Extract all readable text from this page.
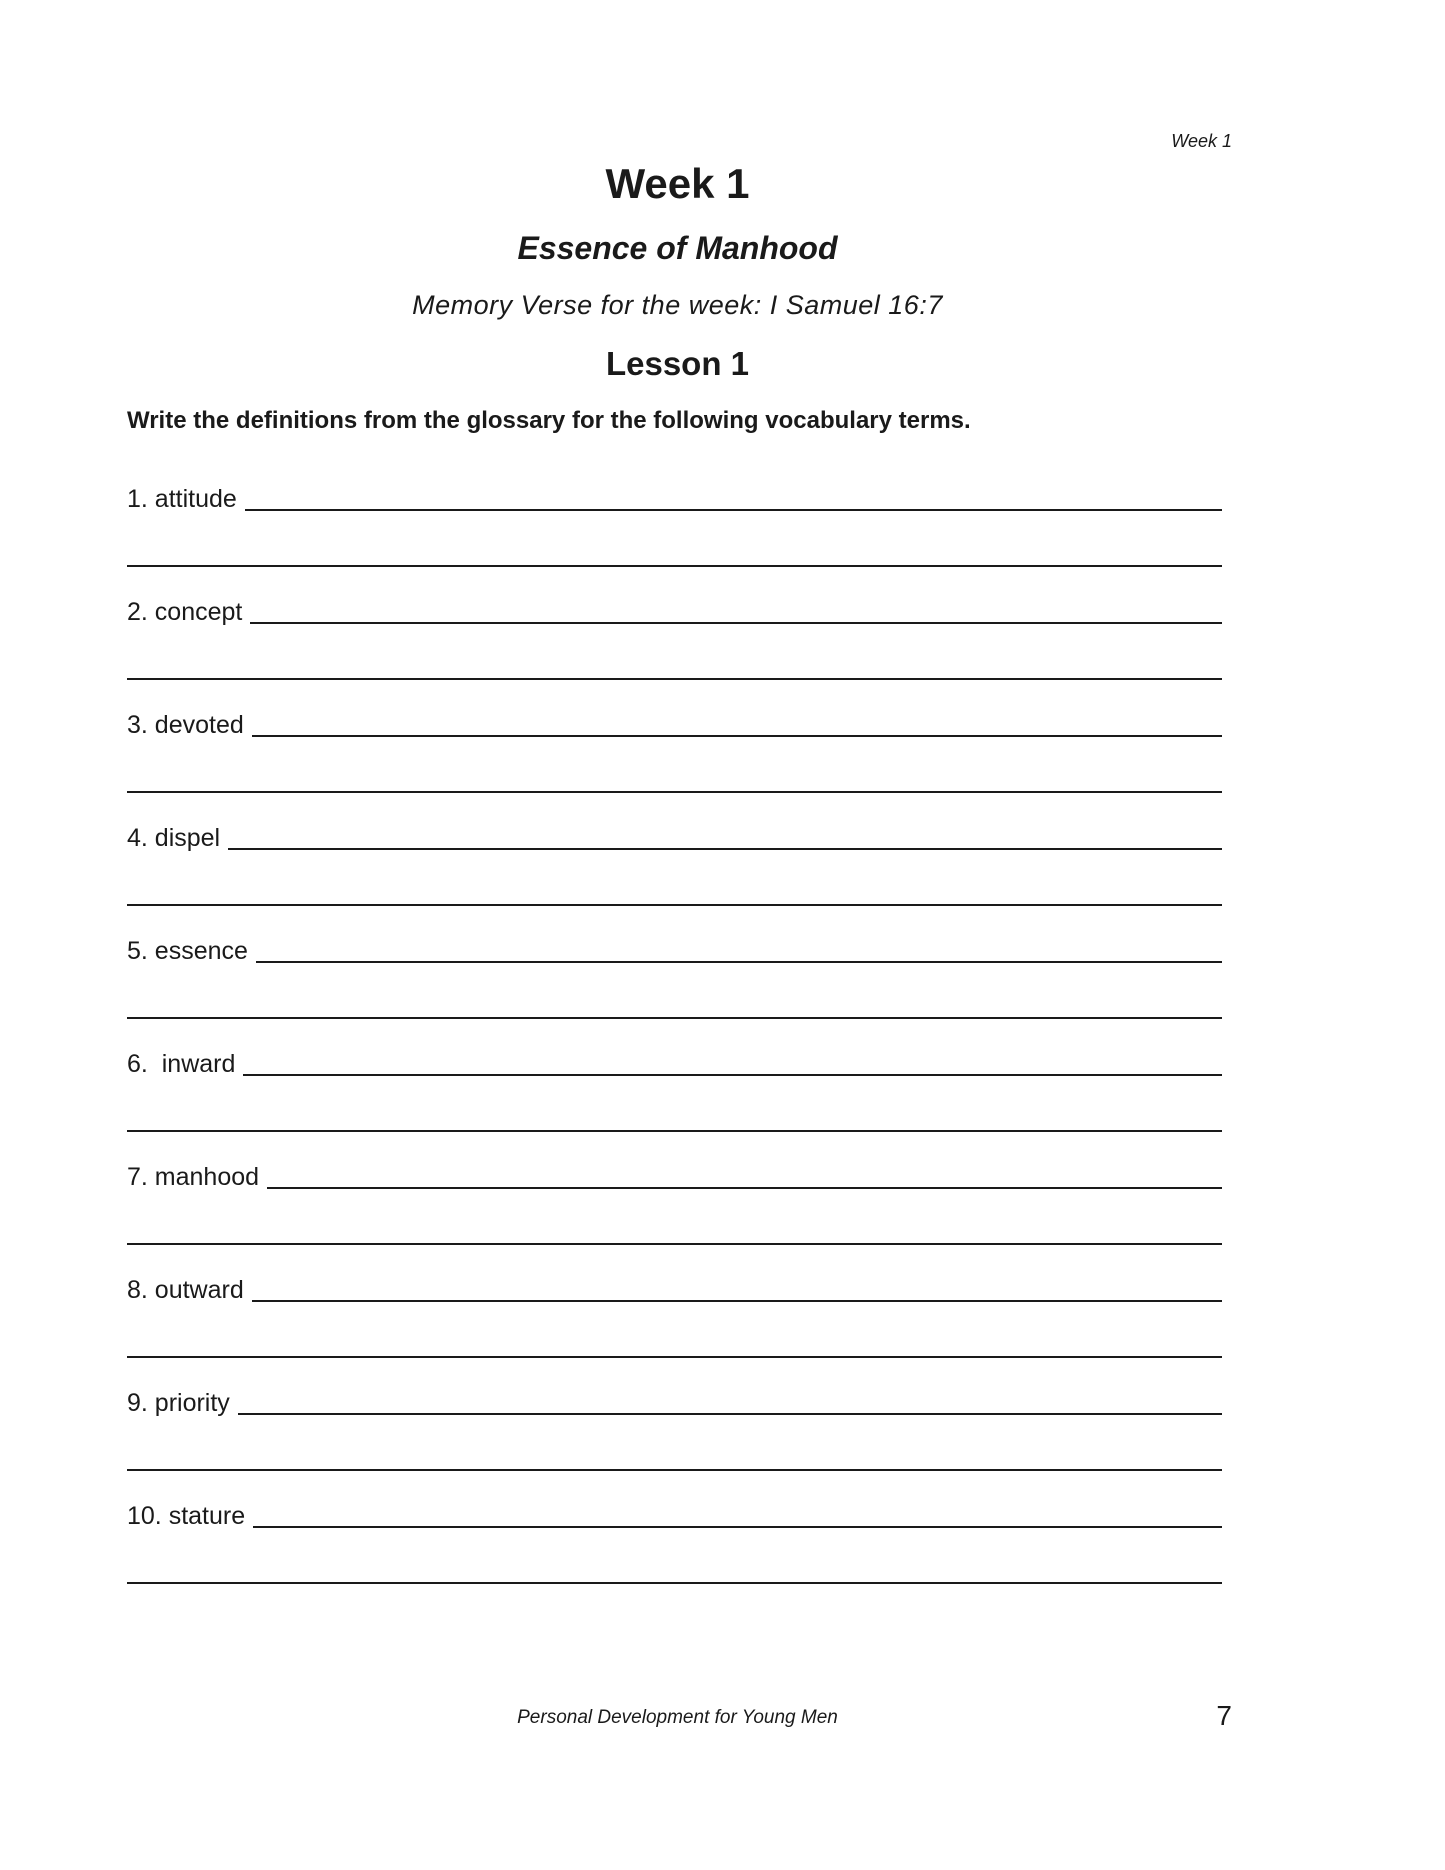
Week 1
Week 1
Essence of Manhood
Memory Verse for the week: I Samuel 16:7
Lesson 1
Write the definitions from the glossary for the following vocabulary terms.
1. attitude
2. concept
3. devoted
4. dispel
5. essence
6.  inward
7. manhood
8. outward
9. priority
10. stature
Personal Development for Young Men	7
